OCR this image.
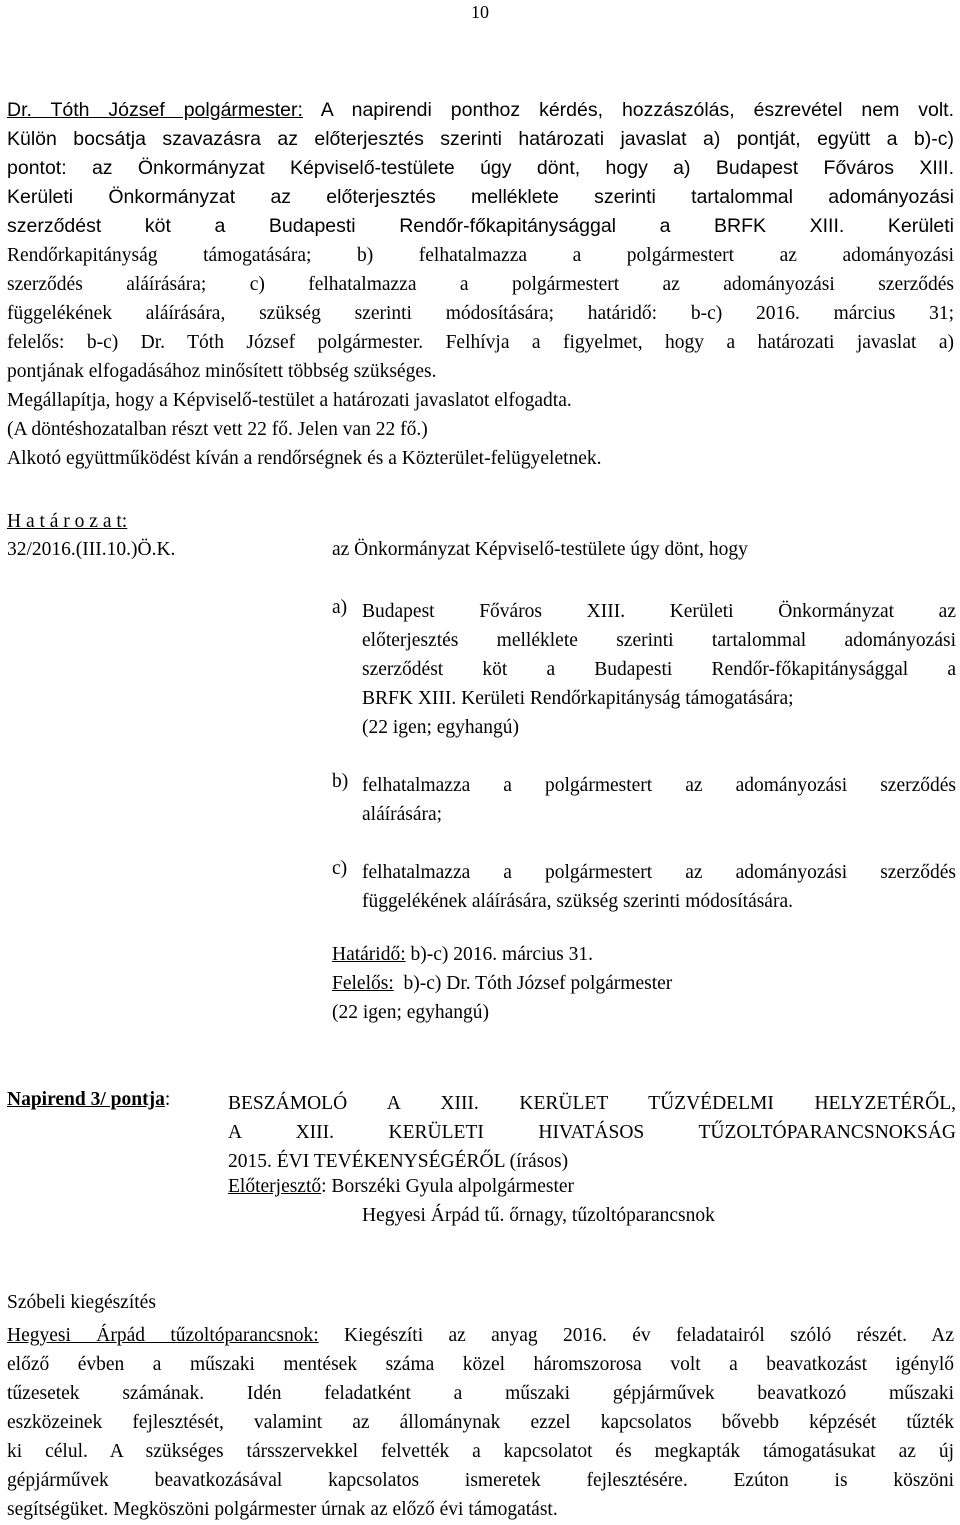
10
Dr. Tóth József polgármester: A napirendi ponthoz kérdés, hozzászólás, észrevétel nem volt.
Külön bocsátja szavazásra az előterjesztés szerinti határozati javaslat a) pontját, együtt a b)-c)
pontot: az Önkormányzat Képviselő-testülete úgy dönt, hogy a) Budapest Főváros XIII.
Kerületi Önkormányzat az előterjesztés melléklete szerinti tartalommal adományozási
szerződést köt a Budapesti Rendőr-főkapitánysággal a BRFK XIII. Kerületi
Rendőrkapitányság támogatására; b) felhatalmazza a polgármestert az adományozási
szerződés aláírására; c) felhatalmazza a polgármestert az adományozási szerződés
függelékének aláírására, szükség szerinti módosítására; határidő: b-c) 2016. március 31;
felelős: b-c) Dr. Tóth József polgármester. Felhívja a figyelmet, hogy a határozati javaslat a)
pontjának elfogadásához minősített többség szükséges.
Megállapítja, hogy a Képviselő-testület a határozati javaslatot elfogadta.
(A döntéshozatalban részt vett 22 fő. Jelen van 22 fő.)
Alkotó együttműködést kíván a rendőrségnek és a Közterület-felügyeletnek.
H a t á r o z a t:
32/2016.(III.10.)Ö.K.	az Önkormányzat Képviselő-testülete úgy dönt, hogy
a) Budapest Főváros XIII. Kerületi Önkormányzat az
előterjesztés melléklete szerinti tartalommal adományozási
szerződést köt a Budapesti Rendőr-főkapitánysággal a
BRFK XIII. Kerületi Rendőrkapitányság támogatására;
(22 igen; egyhangú)
b) felhatalmazza a polgármestert az adományozási szerződés
aláírására;
c) felhatalmazza a polgármestert az adományozási szerződés
függelékének aláírására, szükség szerinti módosítására.
Határidő: b)-c) 2016. március 31.
Felelős:  b)-c) Dr. Tóth József polgármester
(22 igen; egyhangú)
Napirend 3/ pontja:	BESZÁMOLÓ A XIII. KERÜLET TŰZVÉDELMI HELYZETÉRŐL,
A XIII. KERÜLETI HIVATÁSOS TŰZOLTÓPARANCSNOKSÁG
2015. ÉVI TEVÉKENYSÉGÉRŐL (írásos)
Előterjesztő: Borszéki Gyula alpolgármester
Hegyesi Árpád tű. őrnagy, tűzoltóparancsnok
Szóbeli kiegészítés
Hegyesi Árpád tűzoltóparancsnok: Kiegészíti az anyag 2016. év feladatairól szóló részét. Az
előző évben a műszaki mentések száma közel háromszorosa volt a beavatkozást igénylő
tűzesetek számának. Idén feladatként a műszaki gépjárművek beavatkozó műszaki
eszközeinek fejlesztését, valamint az állománynak ezzel kapcsolatos bővebb képzését tűzték
ki célul. A szükséges társszervekkel felvették a kapcsolatot és megkapták támogatásukat az új
gépjárművek beavatkozásával kapcsolatos ismeretek fejlesztésére. Ezúton is köszöni
segítségüket. Megköszöni polgármester úrnak az előző évi támogatást.
